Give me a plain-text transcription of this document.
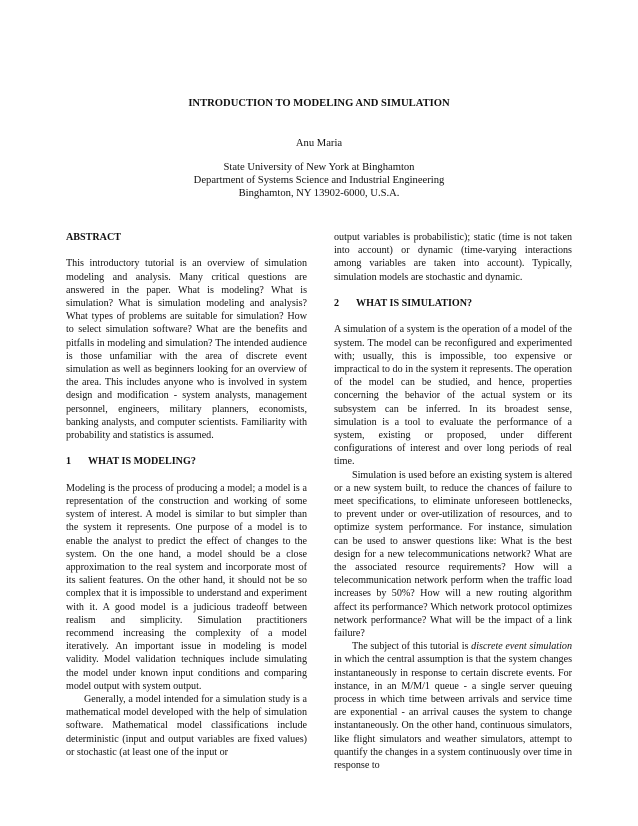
INTRODUCTION TO MODELING AND SIMULATION
Anu Maria
State University of New York at Binghamton
Department of Systems Science and Industrial Engineering
Binghamton, NY 13902-6000, U.S.A.

ABSTRACT

This introductory tutorial is an overview of simulation modeling and analysis. Many critical questions are answered in the paper. What is modeling? What is simulation? What is simulation modeling and analysis? What types of problems are suitable for simulation? How to select simulation software? What are the benefits and pitfalls in modeling and simulation? The intended audience is those unfamiliar with the area of discrete event simulation as well as beginners looking for an overview of the area. This includes anyone who is involved in system design and modification - system analysts, management personnel, engineers, military planners, economists, banking analysts, and computer scientists. Familiarity with probability and statistics is assumed.

1 WHAT IS MODELING?

Modeling is the process of producing a model; a model is a representation of the construction and working of some system of interest. A model is similar to but simpler than the system it represents. One purpose of a model is to enable the analyst to predict the effect of changes to the system. On the one hand, a model should be a close approximation to the real system and incorporate most of its salient features. On the other hand, it should not be so complex that it is impossible to understand and experiment with it. A good model is a judicious tradeoff between realism and simplicity. Simulation practitioners recommend increasing the complexity of a model iteratively. An important issue in modeling is model validity. Model validation techniques include simulating the model under known input conditions and comparing model output with system output.

Generally, a model intended for a simulation study is a mathematical model developed with the help of simulation software. Mathematical model classifications include deterministic (input and output variables are fixed values) or stochastic (at least one of the input or

output variables is probabilistic); static (time is not taken into account) or dynamic (time-varying interactions among variables are taken into account). Typically, simulation models are stochastic and dynamic.

2 WHAT IS SIMULATION?

A simulation of a system is the operation of a model of the system. The model can be reconfigured and experimented with; usually, this is impossible, too expensive or impractical to do in the system it represents. The operation of the model can be studied, and hence, properties concerning the behavior of the actual system or its subsystem can be inferred. In its broadest sense, simulation is a tool to evaluate the performance of a system, existing or proposed, under different configurations of interest and over long periods of real time.

Simulation is used before an existing system is altered or a new system built, to reduce the chances of failure to meet specifications, to eliminate unforeseen bottlenecks, to prevent under or over-utilization of resources, and to optimize system performance. For instance, simulation can be used to answer questions like: What is the best design for a new telecommunications network? What are the associated resource requirements? How will a telecommunication network perform when the traffic load increases by 50%? How will a new routing algorithm affect its performance? Which network protocol optimizes network performance? What will be the impact of a link failure?

The subject of this tutorial is discrete event simulation in which the central assumption is that the system changes instantaneously in response to certain discrete events. For instance, in an M/M/1 queue - a single server queuing process in which time between arrivals and service time are exponential - an arrival causes the system to change instantaneously. On the other hand, continuous simulators, like flight simulators and weather simulators, attempt to quantify the changes in a system continuously over time in response to
